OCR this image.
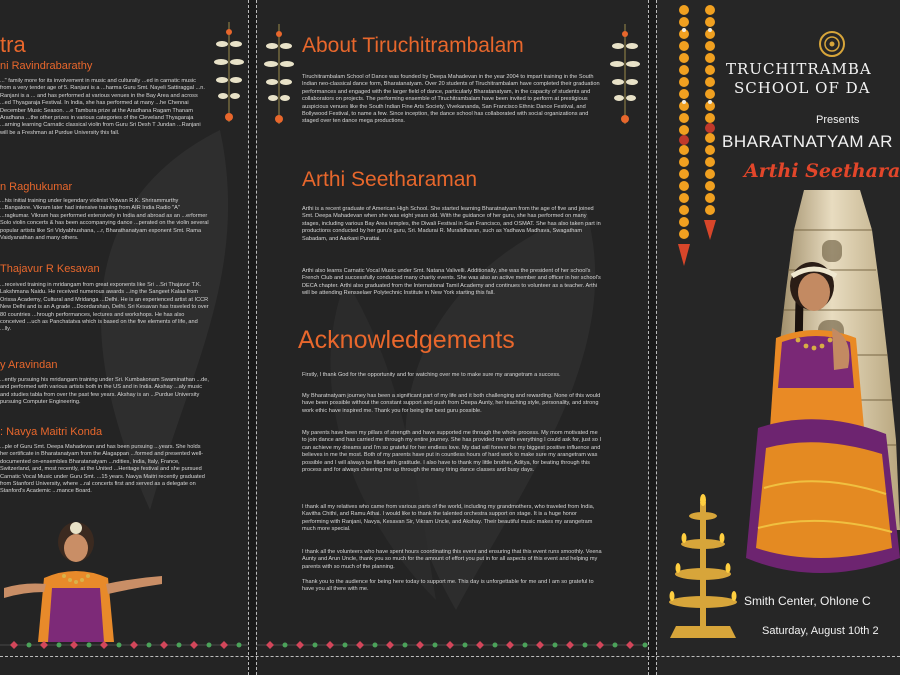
tra

ni Ravindrabarathy

..." family more for its involvement in music and culturally ...ed in carnatic music from a very tender age of 5. Ranjani is a ...harma Guru Smt. Nayeli Sattiraggal ...n. Ranjani is a ... and has performed at various venues in the Bay Area and across ...ed Thyagaraja Festival. In India, she has performed at many ...he Chennai December Music Season. ...e Tambura prize at the Aradhana Ragam Thanam Aradhana ...the other prizes in various categories of the Cleveland Thyagaraja ...arning learning Carnatic classical violin from Guru Sri Desh T Jundan ...Ranjani will be a Freshman at Purdue University this fall.

n Raghukumar

...his initial training under legendary violinist Vidwan R.K. Shrirammurthy ...Bangalore. Vikram later had intensive training from AIR India Radio "A" ...ragkumar. Vikram has performed extensively in India and abroad as an ...erformer Solo violin concerts & has been accompanying dance ...perated on the violin several popular artists like Sri Vidyabhushana, ...r, Bharathanatyam exponent Smt. Rama Vaidyanathan and many others.

Thajavur R Kesavan

...received training in mridangam from great exponents like Sri ...Sri Thajavur T.K. Lakshmana Naidu. He received numerous awards ...ing the Sangeet Kalaa from Orissa Academy, Cultural and Mridanga ...Delhi. He is an experienced artist at ICCR New Delhi and is an A grade ...Doordarshan, Delhi. Sri Kesavan has traveled to over 80 countries ...hrough performances, lectures and workshops. He has also conceived ...uch as Panchatatva which is based on the five elements of life, and ...lly.

y Aravindan

...ently pursuing his mridangam training under Sri. Kumbakonam Swaminathan ...de, and performed with various artists both in the US and in India. Akshay ...aly music and studies tabla from over the past few years. Akshay is an ...Purdue University pursuing Computer Engineering.

: Navya Maitri Konda

...ple of Guru Smt. Deepa Mahadevan and has been pursuing ...years. She holds her certificate in Bharatanatyam from the Alagappan ...formed and presented well-documented on-ensembles Bharatanatyam ...ndities, India, Italy, France, Switzerland, and, most recently, at the United ...Heritage festival and she pursued Carnatic Vocal Music under Guru Smt. ...15 years. Navya Maitri recently graduated from Stanford University, where ...ral concerts first and served as a delegate on Stanford's Academic ...mance Board.

About Tiruchitrambalam

Tiruchitrambalam School of Dance was founded by Deepa Mahadevan in the year 2004 to impart training in the South Indian neo-classical dance form, Bharatanatyam. Over 20 students of Tiruchitrambalam have completed their graduation performances and engaged with the larger field of dance, particularly Bharatanatyam, in the capacity of students and collaborators on projects. The performing ensemble of Tiruchitrambalam have been invited to perform at prestigious auspicious venues like the South Indian Fine Arts Society, Vivekananda, San Francisco Ethnic Dance Festival, and Bollywood Festival, to name a few. Since inception, the dance school has collaborated with social organizations and staged over ten dance mega productions.

Arthi Seetharaman

Arthi is a recent graduate of American High School. She started learning Bharatnatyam from the age of five and joined Smt. Deepa Mahadevan when she was eight years old. With the guidance of her guru, she has performed on many stages, including various Bay Area temples, the Diwali Festival in San Francisco, and OSMAT. She has also taken part in productions conducted by her guru's guru, Sri. Madurai R. Muralidharan, such as Yadhava Madhava, Swagatham Sabadam, and Aarkani Purattai.

Arthi also learns Carnatic Vocal Music under Smt. Natana Valivelli. Additionally, she was the president of her school's French Club and successfully conducted many charity events. She was also an active member and officer in her school's DECA chapter. Arthi also graduated from the International Tamil Academy and continues to volunteer as a teacher. Arthi will be attending Rensselaer Polytechnic Institute in New York starting this fall.

Acknowledgements

Firstly, I thank God for the opportunity and for watching over me to make sure my arangetram a success.

My Bharatnatyam journey has been a significant part of my life and it both challenging and rewarding. None of this would have been possible without the constant support and push from Deepa Aunty, her teaching style, personality, and strong work ethic have inspired me. Thank you for being the best guru possible.

My parents have been my pillars of strength and have supported me through the whole process. My mom motivated me to join dance and has carried me through my entire journey. She has provided me with everything I could ask for, just so I can achieve my dreams and I'm so grateful for her endless love. My dad will forever be my biggest positive influence and believes in me the most. Both of my parents have put in countless hours of hard work to make sure my arangetram was possible and I will always be filled with gratitude. I also have to thank my little brother, Aditya, for beating through this process and for always cheering me up through the many tiring dance classes and busy days.

I thank all my relatives who came from various parts of the world, including my grandmothers, who traveled from India, Kavitha Chithi, and Ramu Athai. I would like to thank the talented orchestra support on stage. It is a huge honor performing with Ranjani, Navya, Kesavan Sir, Vikram Uncle, and Akshay. Their beautiful music makes my arangetram much more special.

I thank all the volunteers who have spent hours coordinating this event and ensuring that this event runs smoothly. Veena Aunty and Arun Uncle, thank you so much for the amount of effort you put in for all aspects of this event and helping my parents with so much of the planning.

Thank you to the audience for being here today to support me. This day is unforgettable for me and I am so grateful to have you all there with me.

TRUCHITRAMBA
SCHOOL OF DA
Presents
BHARATNATYAM AR
Arthi Seethara
Smith Center, Ohlone C
Saturday, August 10th 2
